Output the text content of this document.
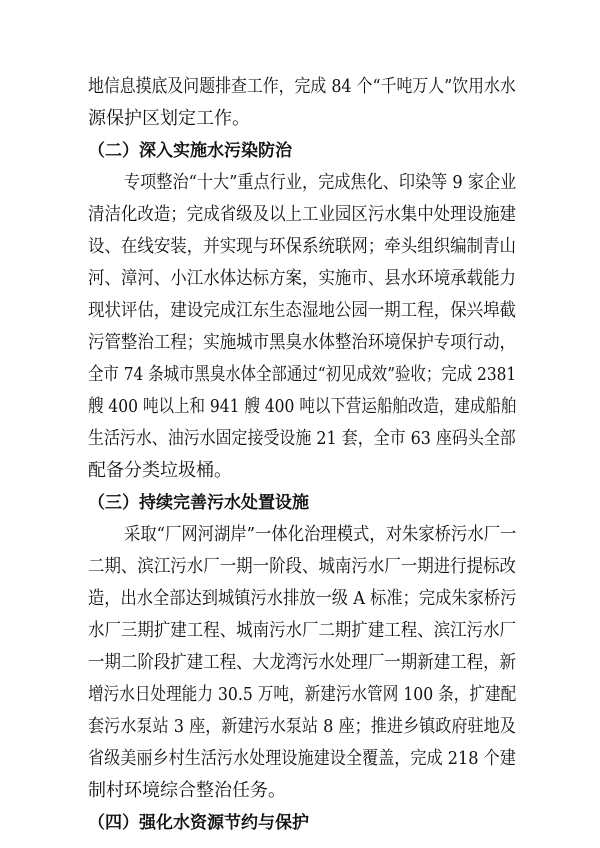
地信息摸底及问题排查工作，完成 84 个“千吨万人”饮用水水
源保护区划定工作。
（二）深入实施水污染防治
专项整治“十大”重点行业，完成焦化、印染等 9 家企业
清洁化改造；完成省级及以上工业园区污水集中处理设施建
设、在线安装，并实现与环保系统联网；牵头组织编制青山
河、漳河、小江水体达标方案，实施市、县水环境承载能力
现状评估，建设完成江东生态湿地公园一期工程，保兴埠截
污管整治工程；实施城市黑臭水体整治环境保护专项行动，
全市 74 条城市黑臭水体全部通过“初见成效”验收；完成 2381
艘 400 吨以上和 941 艘 400 吨以下营运船舶改造，建成船舶
生活污水、油污水固定接受设施 21 套，全市 63 座码头全部
配备分类垃圾桶。
（三）持续完善污水处置设施
采取“厂网河湖岸”一体化治理模式，对朱家桥污水厂一
二期、滨江污水厂一期一阶段、城南污水厂一期进行提标改
造，出水全部达到城镇污水排放一级 A 标准；完成朱家桥污
水厂三期扩建工程、城南污水厂二期扩建工程、滨江污水厂
一期二阶段扩建工程、大龙湾污水处理厂一期新建工程，新
增污水日处理能力 30.5 万吨，新建污水管网 100 条，扩建配
套污水泵站 3 座，新建污水泵站 8 座；推进乡镇政府驻地及
省级美丽乡村生活污水处理设施建设全覆盖，完成 218 个建
制村环境综合整治任务。
（四）强化水资源节约与保护
